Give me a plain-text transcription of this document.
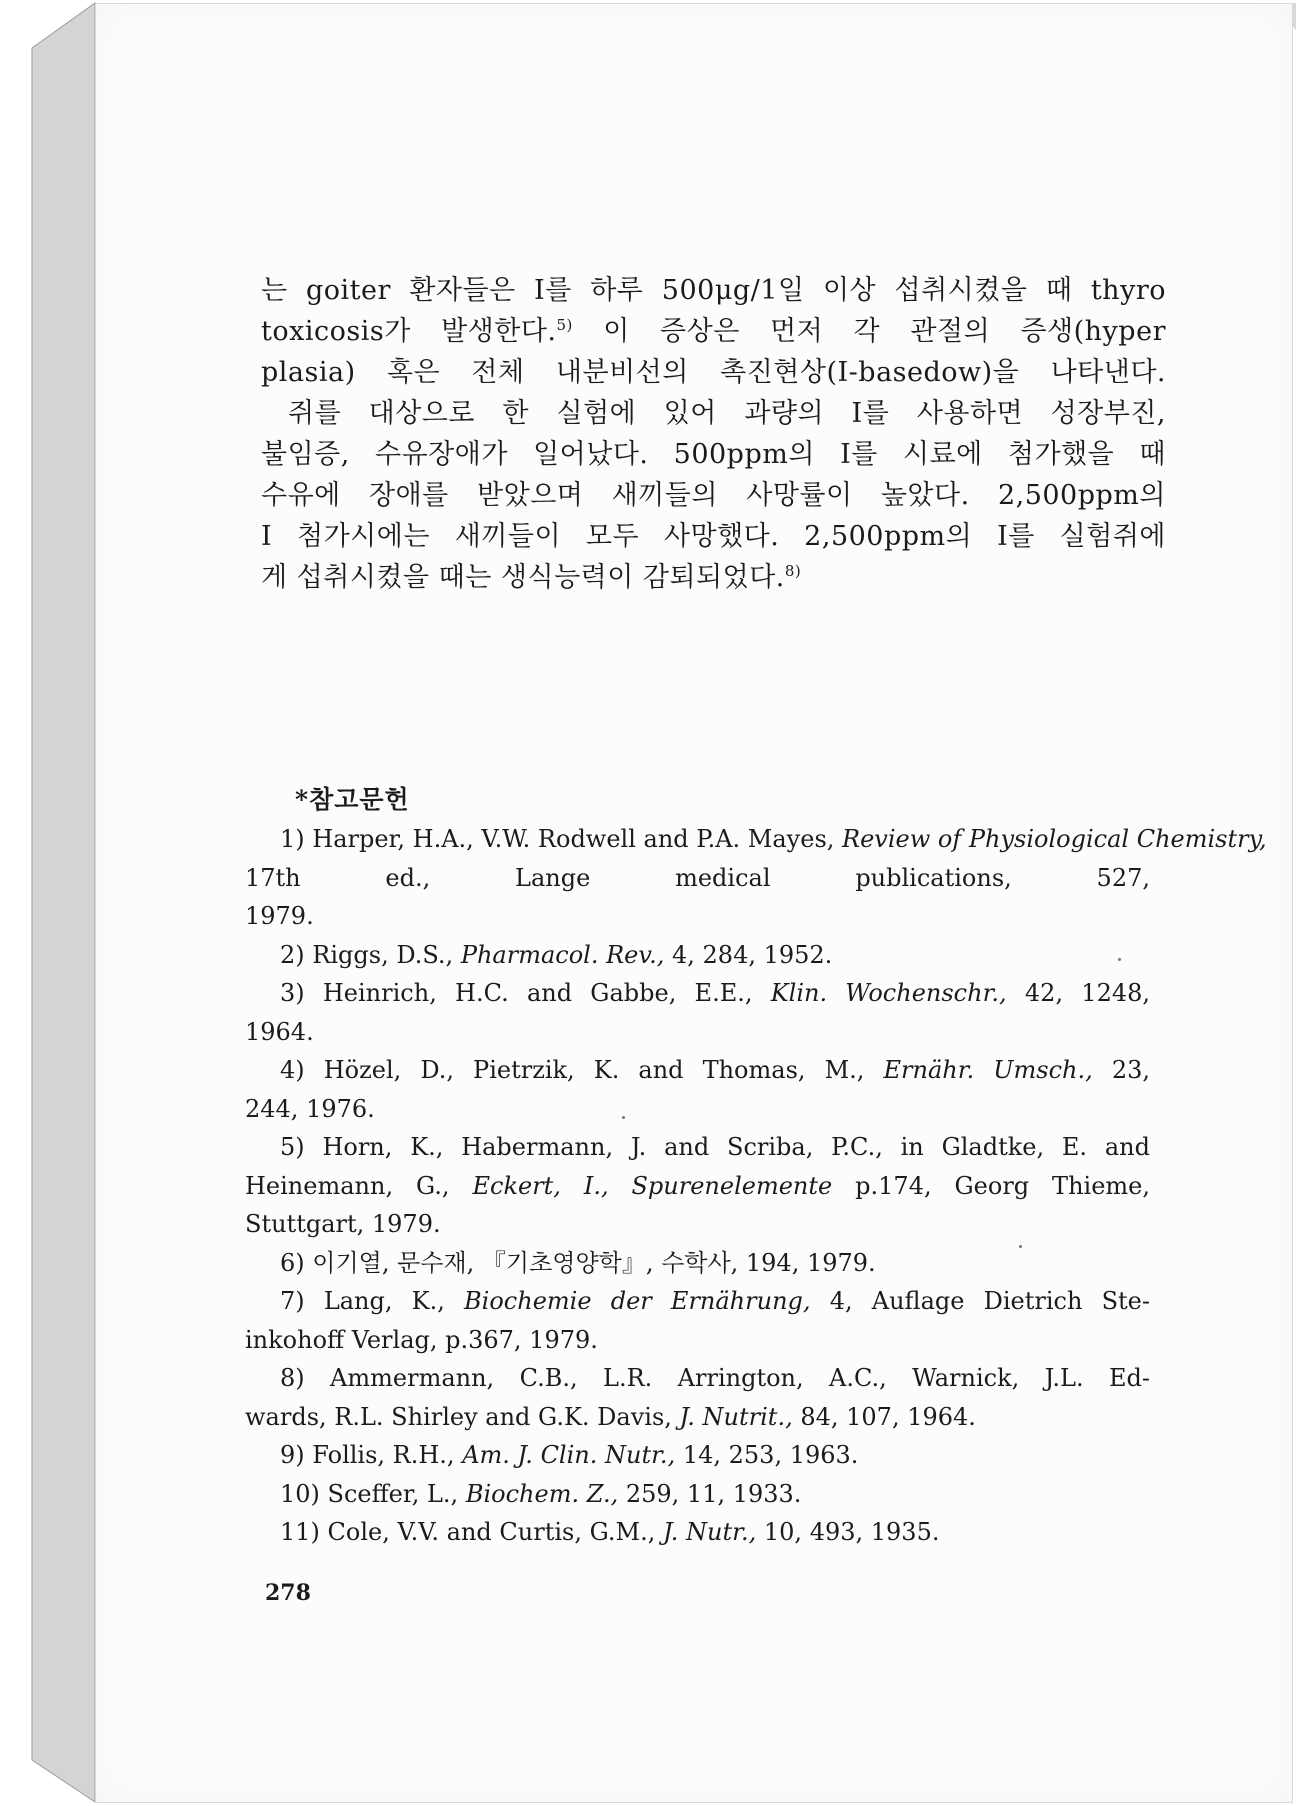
는 goiter 환자들은 I를 하루 500μg/1일 이상 섭취시켰을 때 thyro
toxicosis가 발생한다.$^{5)}$ 이 증상은 먼저 각 관절의 증생(hyper
plasia) 혹은 전체 내분비선의 촉진현상(I-basedow)을 나타낸다.
쥐를 대상으로 한 실험에 있어 과량의 I를 사용하면 성장부진,
불임증, 수유장애가 일어났다. 500ppm의 I를 시료에 첨가했을 때
수유에 장애를 받았으며 새끼들의 사망률이 높았다. 2,500ppm의
I 첨가시에는 새끼들이 모두 사망했다. 2,500ppm의 I를 실험쥐에
게 섭취시켰을 때는 생식능력이 감퇴되었다.$^{8)}$
*참고문헌
1) Harper, H.A., V.W. Rodwell and P.A. Mayes, Review of Physiological Chemistry,
17th ed., Lange medical publications, 527,
1979.
2) Riggs, D.S., Pharmacol. Rev., 4, 284, 1952.
3) Heinrich, H.C. and Gabbe, E.E., Klin. Wochenschr., 42, 1248,
1964.
4) Hözel, D., Pietrzik, K. and Thomas, M., Ernähr. Umsch., 23,
244, 1976.
5) Horn, K., Habermann, J. and Scriba, P.C., in Gladtke, E. and
Heinemann, G., Eckert, I., Spurenelemente p.174, Georg Thieme,
Stuttgart, 1979.
6) 이기열, 문수재, 『기초영양학』, 수학사, 194, 1979.
7) Lang, K., Biochemie der Ernährung, 4, Auflage Dietrich Ste-
inkohoff Verlag, p.367, 1979.
8) Ammermann, C.B., L.R. Arrington, A.C., Warnick, J.L. Ed-
wards, R.L. Shirley and G.K. Davis, J. Nutrit., 84, 107, 1964.
9) Follis, R.H., Am. J. Clin. Nutr., 14, 253, 1963.
10) Sceffer, L., Biochem. Z., 259, 11, 1933.
11) Cole, V.V. and Curtis, G.M., J. Nutr., 10, 493, 1935.
278
